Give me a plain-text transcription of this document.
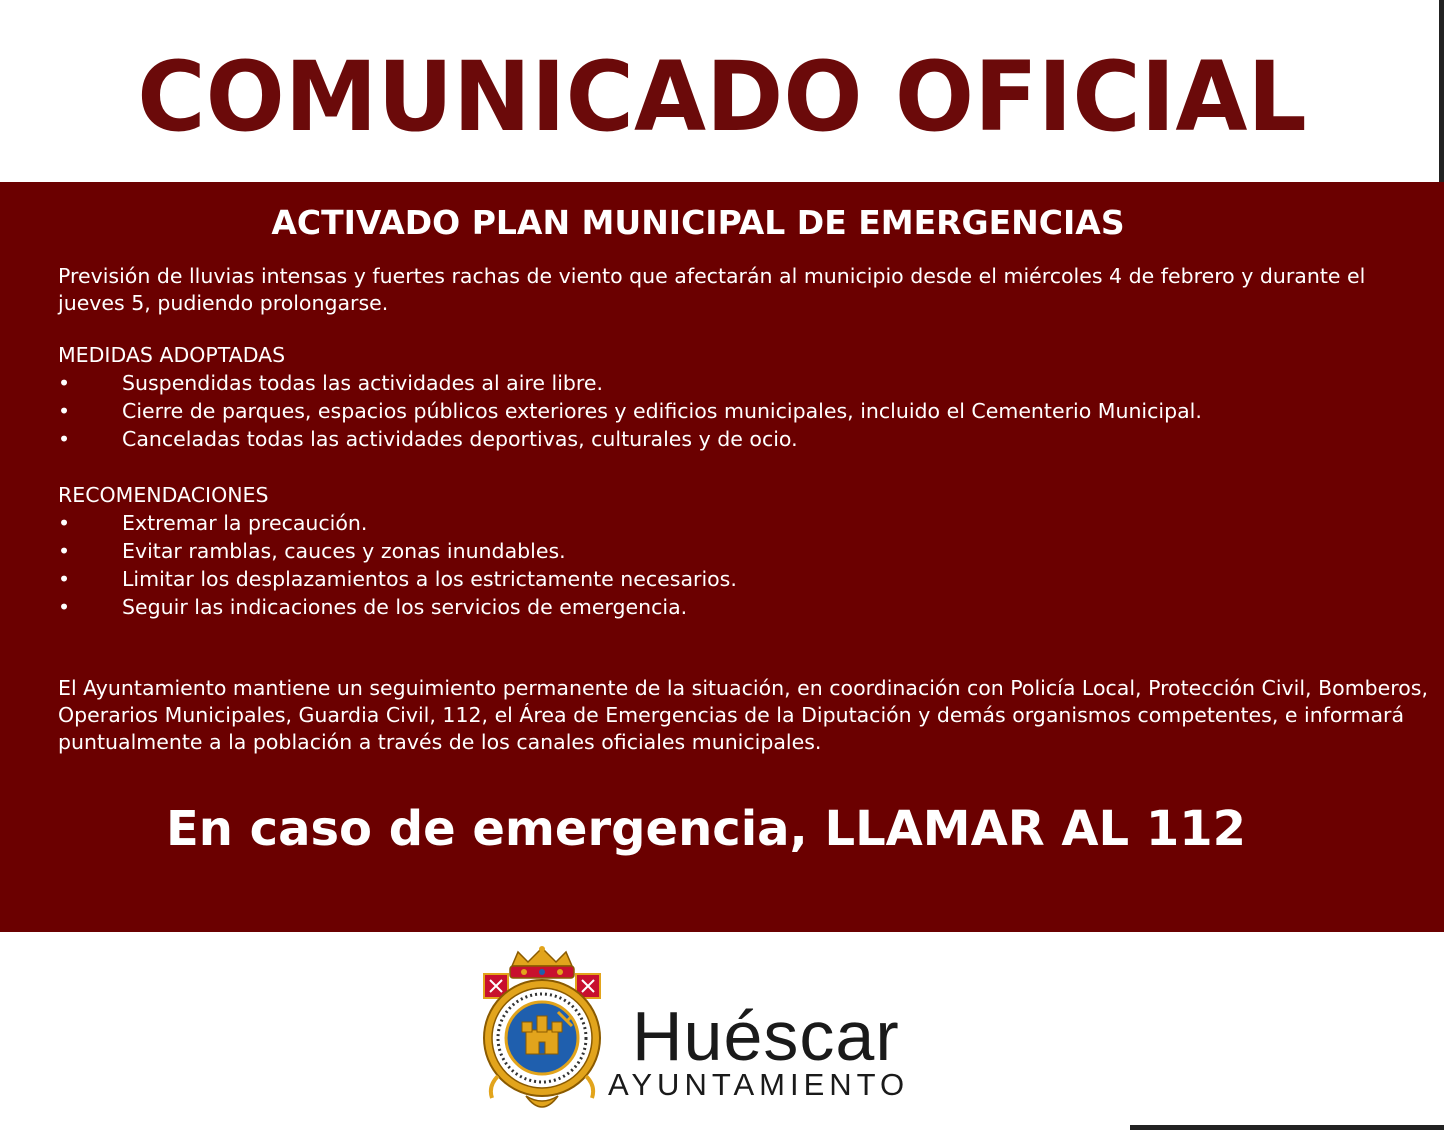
COMUNICADO OFICIAL
ACTIVADO PLAN MUNICIPAL DE EMERGENCIAS

Previsión de lluvias intensas y fuertes rachas de viento que afectarán al municipio desde el miércoles 4 de febrero y durante el jueves 5, pudiendo prolongarse.

MEDIDAS ADOPTADAS

•	Suspendidas todas las actividades al aire libre.
•	Cierre de parques, espacios públicos exteriores y edificios municipales, incluido el Cementerio Municipal.
•	Canceladas todas las actividades deportivas, culturales y de ocio.

RECOMENDACIONES

•	Extremar la precaución.
•	Evitar ramblas, cauces y zonas inundables.
•	Limitar los desplazamientos a los estrictamente necesarios.
•	Seguir las indicaciones de los servicios de emergencia.

El Ayuntamiento mantiene un seguimiento permanente de la situación, en coordinación con Policía Local, Protección Civil, Bomberos, Operarios Municipales, Guardia Civil, 112, el Área de Emergencias de la Diputación y demás organismos competentes, e informará puntualmente a la población a través de los canales oficiales municipales.

En caso de emergencia, LLAMAR AL 112

Huéscar

AYUNTAMIENTO
